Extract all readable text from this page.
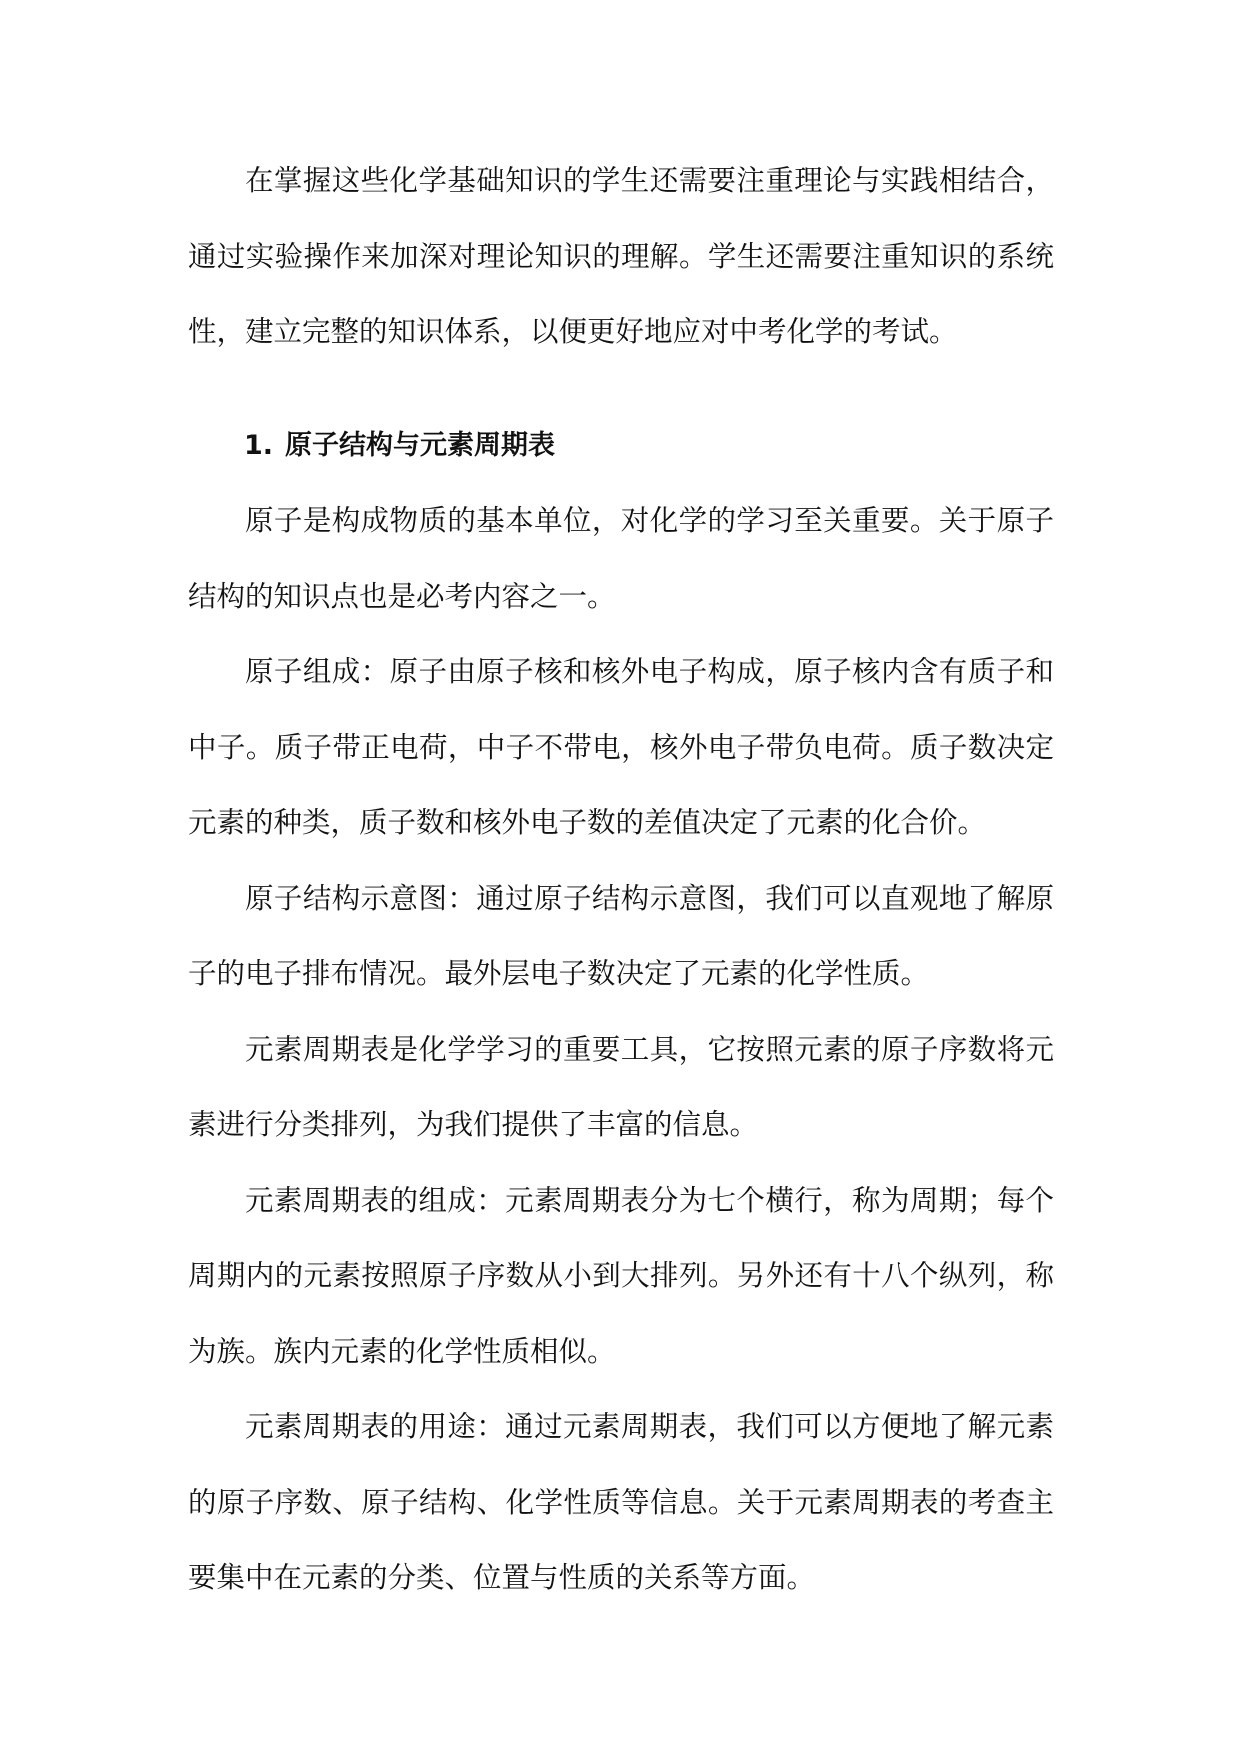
在掌握这些化学基础知识的学生还需要注重理论与实践相结合，通过实验操作来加深对理论知识的理解。学生还需要注重知识的系统性，建立完整的知识体系，以便更好地应对中考化学的考试。

1. 原子结构与元素周期表

原子是构成物质的基本单位，对化学的学习至关重要。关于原子结构的知识点也是必考内容之一。

原子组成：原子由原子核和核外电子构成，原子核内含有质子和中子。质子带正电荷，中子不带电，核外电子带负电荷。质子数决定元素的种类，质子数和核外电子数的差值决定了元素的化合价。

原子结构示意图：通过原子结构示意图，我们可以直观地了解原子的电子排布情况。最外层电子数决定了元素的化学性质。

元素周期表是化学学习的重要工具，它按照元素的原子序数将元素进行分类排列，为我们提供了丰富的信息。

元素周期表的组成：元素周期表分为七个横行，称为周期；每个周期内的元素按照原子序数从小到大排列。另外还有十八个纵列，称为族。族内元素的化学性质相似。

元素周期表的用途：通过元素周期表，我们可以方便地了解元素的原子序数、原子结构、化学性质等信息。关于元素周期表的考查主要集中在元素的分类、位置与性质的关系等方面。
